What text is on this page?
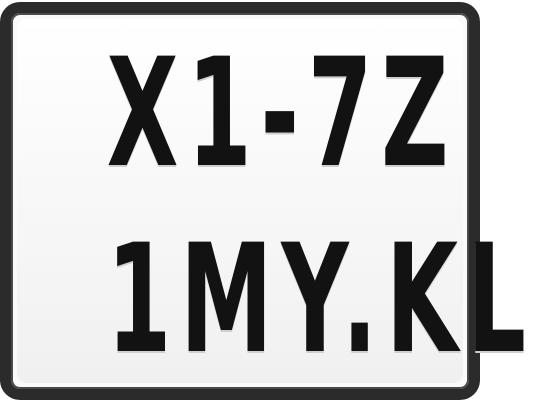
X1-7Z
1MY.KL
